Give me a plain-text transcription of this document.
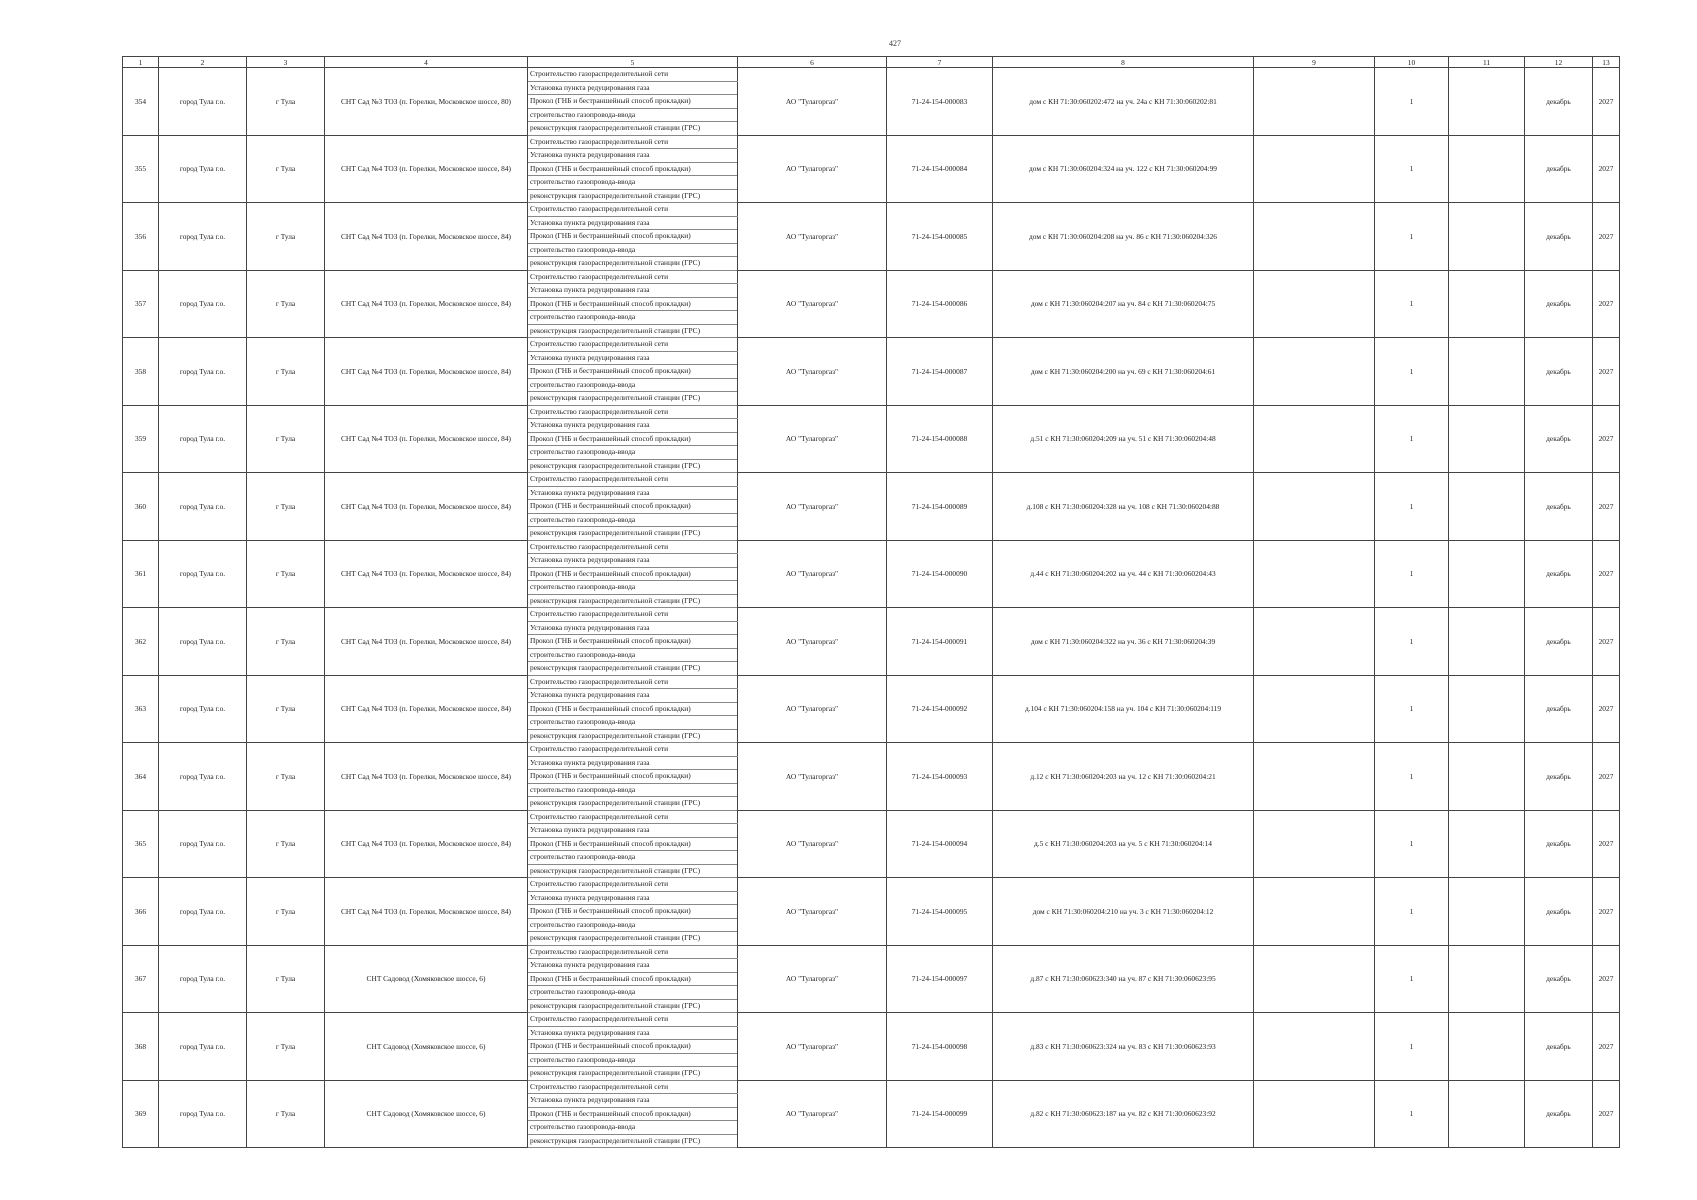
427
1	2	3	4	5	6	7	8	9	10	11	12	13
354	город Тула г.о.	г Тула	СНТ Сад №3 ТОЗ (п. Горелки, Московское шоссе, 80)	Строительство газораспределительной сети	АО "Тулагоргаз"	71-24-154-000083	дом с КН 71:30:060202:472 на уч. 24а с КН 71:30:060202:81		1		декабрь	2027
				Установка пункта редуцирования газа								
				Прокол (ГНБ и бестраншейный способ прокладки)								
				строительство газопровода-ввода								
				реконструкция газораспределительной станции (ГРС)								
355	город Тула г.о.	г Тула	СНТ Сад №4 ТОЗ (п. Горелки, Московское шоссе, 84)	Строительство газораспределительной сети	АО "Тулагоргаз"	71-24-154-000084	дом с КН 71:30:060204:324 на уч. 122 с КН 71:30:060204:99		1		декабрь	2027
				Установка пункта редуцирования газа								
				Прокол (ГНБ и бестраншейный способ прокладки)								
				строительство газопровода-ввода								
				реконструкция газораспределительной станции (ГРС)								
356	город Тула г.о.	г Тула	СНТ Сад №4 ТОЗ (п. Горелки, Московское шоссе, 84)	Строительство газораспределительной сети	АО "Тулагоргаз"	71-24-154-000085	дом с КН 71:30:060204:208 на уч. 86 с КН 71:30:060204:326		1		декабрь	2027
				Установка пункта редуцирования газа								
				Прокол (ГНБ и бестраншейный способ прокладки)								
				строительство газопровода-ввода								
				реконструкция газораспределительной станции (ГРС)								
357	город Тула г.о.	г Тула	СНТ Сад №4 ТОЗ (п. Горелки, Московское шоссе, 84)	Строительство газораспределительной сети	АО "Тулагоргаз"	71-24-154-000086	дом с КН 71:30:060204:207 на уч. 84 с КН 71:30:060204:75		1		декабрь	2027
				Установка пункта редуцирования газа								
				Прокол (ГНБ и бестраншейный способ прокладки)								
				строительство газопровода-ввода								
				реконструкция газораспределительной станции (ГРС)								
358	город Тула г.о.	г Тула	СНТ Сад №4 ТОЗ (п. Горелки, Московское шоссе, 84)	Строительство газораспределительной сети	АО "Тулагоргаз"	71-24-154-000087	дом с КН 71:30:060204:200 на уч. 69 с КН 71:30:060204:61		1		декабрь	2027
				Установка пункта редуцирования газа								
				Прокол (ГНБ и бестраншейный способ прокладки)								
				строительство газопровода-ввода								
				реконструкция газораспределительной станции (ГРС)								
359	город Тула г.о.	г Тула	СНТ Сад №4 ТОЗ (п. Горелки, Московское шоссе, 84)	Строительство газораспределительной сети	АО "Тулагоргаз"	71-24-154-000088	д.51 с КН 71:30:060204:209 на уч. 51 с КН 71:30:060204:48		1		декабрь	2027
				Установка пункта редуцирования газа								
				Прокол (ГНБ и бестраншейный способ прокладки)								
				строительство газопровода-ввода								
				реконструкция газораспределительной станции (ГРС)								
360	город Тула г.о.	г Тула	СНТ Сад №4 ТОЗ (п. Горелки, Московское шоссе, 84)	Строительство газораспределительной сети	АО "Тулагоргаз"	71-24-154-000089	д.108 с КН 71:30:060204:328 на уч. 108 с КН 71:30:060204:88		1		декабрь	2027
				Установка пункта редуцирования газа								
				Прокол (ГНБ и бестраншейный способ прокладки)								
				строительство газопровода-ввода								
				реконструкция газораспределительной станции (ГРС)								
361	город Тула г.о.	г Тула	СНТ Сад №4 ТОЗ (п. Горелки, Московское шоссе, 84)	Строительство газораспределительной сети	АО "Тулагоргаз"	71-24-154-000090	д.44 с КН 71:30:060204:202 на уч. 44 с КН 71:30:060204:43		1		декабрь	2027
				Установка пункта редуцирования газа								
				Прокол (ГНБ и бестраншейный способ прокладки)								
				строительство газопровода-ввода								
				реконструкция газораспределительной станции (ГРС)								
362	город Тула г.о.	г Тула	СНТ Сад №4 ТОЗ (п. Горелки, Московское шоссе, 84)	Строительство газораспределительной сети	АО "Тулагоргаз"	71-24-154-000091	дом с КН 71:30:060204:322 на уч. 36 с КН 71:30:060204:39		1		декабрь	2027
				Установка пункта редуцирования газа								
				Прокол (ГНБ и бестраншейный способ прокладки)								
				строительство газопровода-ввода								
				реконструкция газораспределительной станции (ГРС)								
363	город Тула г.о.	г Тула	СНТ Сад №4 ТОЗ (п. Горелки, Московское шоссе, 84)	Строительство газораспределительной сети	АО "Тулагоргаз"	71-24-154-000092	д.104 с КН 71:30:060204:158 на уч. 104 с КН 71:30:060204:119		1		декабрь	2027
				Установка пункта редуцирования газа								
				Прокол (ГНБ и бестраншейный способ прокладки)								
				строительство газопровода-ввода								
				реконструкция газораспределительной станции (ГРС)								
364	город Тула г.о.	г Тула	СНТ Сад №4 ТОЗ (п. Горелки, Московское шоссе, 84)	Строительство газораспределительной сети	АО "Тулагоргаз"	71-24-154-000093	д.12 с КН 71:30:060204:203 на уч. 12 с КН 71:30:060204:21		1		декабрь	2027
				Установка пункта редуцирования газа								
				Прокол (ГНБ и бестраншейный способ прокладки)								
				строительство газопровода-ввода								
				реконструкция газораспределительной станции (ГРС)								
365	город Тула г.о.	г Тула	СНТ Сад №4 ТОЗ (п. Горелки, Московское шоссе, 84)	Строительство газораспределительной сети	АО "Тулагоргаз"	71-24-154-000094	д.5 с КН 71:30:060204:203 на уч. 5 с КН 71:30:060204:14		1		декабрь	2027
				Установка пункта редуцирования газа								
				Прокол (ГНБ и бестраншейный способ прокладки)								
				строительство газопровода-ввода								
				реконструкция газораспределительной станции (ГРС)								
366	город Тула г.о.	г Тула	СНТ Сад №4 ТОЗ (п. Горелки, Московское шоссе, 84)	Строительство газораспределительной сети	АО "Тулагоргаз"	71-24-154-000095	дом с КН 71:30:060204:210 на уч. 3 с КН 71:30:060204:12		1		декабрь	2027
				Установка пункта редуцирования газа								
				Прокол (ГНБ и бестраншейный способ прокладки)								
				строительство газопровода-ввода								
				реконструкция газораспределительной станции (ГРС)								
367	город Тула г.о.	г Тула	СНТ Садовод (Хомяковское шоссе, 6)	Строительство газораспределительной сети	АО "Тулагоргаз"	71-24-154-000097	д.87 с КН 71:30:060623:340 на уч. 87 с КН 71:30:060623:95		1		декабрь	2027
				Установка пункта редуцирования газа								
				Прокол (ГНБ и бестраншейный способ прокладки)								
				строительство газопровода-ввода								
				реконструкция газораспределительной станции (ГРС)								
368	город Тула г.о.	г Тула	СНТ Садовод (Хомяковское шоссе, 6)	Строительство газораспределительной сети	АО "Тулагоргаз"	71-24-154-000098	д.83 с КН 71:30:060623:324 на уч. 83 с КН 71:30:060623:93		1		декабрь	2027
				Установка пункта редуцирования газа								
				Прокол (ГНБ и бестраншейный способ прокладки)								
				строительство газопровода-ввода								
				реконструкция газораспределительной станции (ГРС)								
369	город Тула г.о.	г Тула	СНТ Садовод (Хомяковское шоссе, 6)	Строительство газораспределительной сети	АО "Тулагоргаз"	71-24-154-000099	д.82 с КН 71:30:060623:187 на уч. 82 с КН 71:30:060623:92		1		декабрь	2027
				Установка пункта редуцирования газа								
				Прокол (ГНБ и бестраншейный способ прокладки)								
				строительство газопровода-ввода								
				реконструкция газораспределительной станции (ГРС)								
